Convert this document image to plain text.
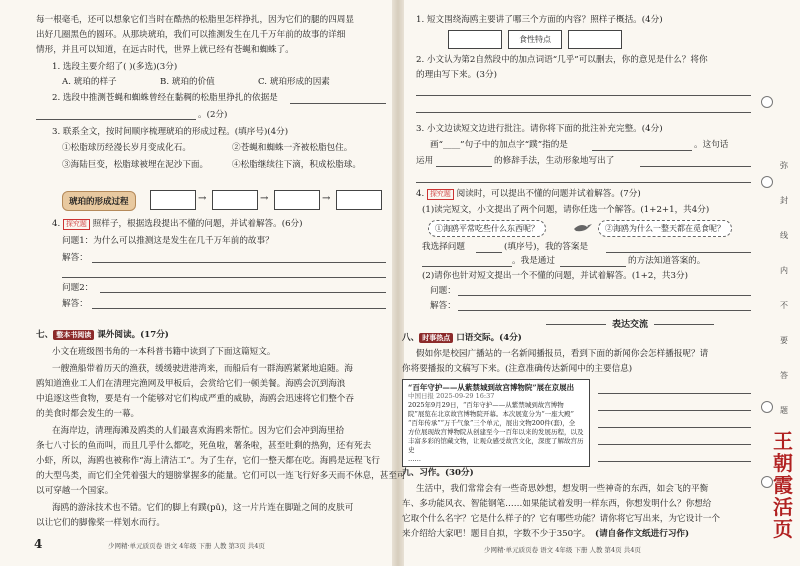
每一根毫毛，还可以想象它们当时在酷热的松脂里怎样挣扎，因为它们的腿的四周显
出好几圈黑色的圆环。从那块琥珀，我们可以推测发生在几千万年前的故事的详细
情形，并且可以知道，在远古时代，世界上就已经有苍蝇和蜘蛛了。
1. 选段主要介绍了( )(多选)(3分)
A. 琥珀的样子	B. 琥珀的价值	C. 琥珀形成的因素
2. 选段中推测苍蝇和蜘蛛曾经在黏稠的松脂里挣扎的依据是
。(2分)
3. 联系全文，按时间顺序梳理琥珀的形成过程。(填序号)(4分)
①松脂球历经漫长岁月变成化石。	②苍蝇和蜘蛛一齐被松脂包住。
③海陆巨变，松脂球被埋在泥沙下面。	④松脂继续往下滴，积成松脂球。
琥珀的形成过程	→	→	→
4. 探究题 照样子，根据选段提出不懂的问题，并试着解答。(6分)
问题1：为什么可以推测这是发生在几千万年前的故事？
解答：
问题2：
解答：
七、 整本书阅读 课外阅读。(17分)
小文在班级图书角的一本科普书籍中读到了下面这篇短文。
一艘渔船带着历天的渔获，缓缓驶进港湾来，而船后有一群海鸥紧紧地追随。海
鸥知道渔业工人们在清理完渔网及甲板后，会赏给它们一顿美餐。海鸥会沉到海浪
中追逐这些食物，要是有一个能够对它们构成严重的威胁，海鸥会迅速将它们整个吞
的美食时都会发生的一幕。
在海岸边，清理海滩及鸥类的人们最喜欢海鸥来帮忙。因为它们会冲到海里拾
条七八寸长的鱼而叫，而且几乎什么都吃，死鱼啦，薯条啦，甚至吐剩的热狗，还有死去
小虾，所以，海鸥也被称作“海上清洁工”。为了生存，它们一整天都在吃。海鸥是远程飞行
的大型鸟类，而它们全凭着强大的翅膀掌握多的能量。它们可以一连飞行好多天而不休息，甚至可
以可穿越一个国家。
海鸥的游泳技术也不错。它们的脚上有蹼(pǔ)，这一片片连在脚趾之间的皮肤可
以让它们的脚像桨一样划水而行。
4	少网精·单元质页卷 语文 4年级 下册 人教 第3页 共4页
1. 短文围绕海鸥主要讲了哪三个方面的内容？照样子概括。(4分)
食性特点
2. 小文认为第2自然段中的加点词语“几乎”可以删去，你的意见是什么？将你
的理由写下来。(3分)
3. 小文边读短文边进行批注。请你将下面的批注补充完整。(4分)
画“____”句子中的加点字“蹼”指的是	。这句话
运用	的修辞手法，生动形象地写出了
4. 探究题 阅读时，可以提出不懂的问题并试着解答。(7分)
(1)读完短文，小文提出了两个问题，请你任选一个解答。(1+2+1，共4分)
①海鸥平常吃些什么东西呢？	②海鸥为什么一整天都在觅食呢？
我选择问题	(填序号)，我的答案是
。我是通过	的方法知道答案的。
(2)请你也针对短文提出一个不懂的问题，并试着解答。(1+2，共3分)
问题：
解答：
表达交流
八、 时事热点 口语交际。(4分)
假如你是校园广播站的一名新闻播报员，看到下面的新闻你会怎样播报呢？请
你将要播报的文稿写下来。(注意准确传达新闻中的主要信息)
“百年守护——从紫禁城到故宫博物院”展在京展出
中国日报 2025-09-29 16:37
2025年9月29日，“百年守护——从紫禁城到故宫博物
院”展览在北京故宫博物院开幕。本次展览分为“一座大殿”
“百年传承”“万千气象”三个单元，展出文物200件(套)，全
方位展现故宫博物院从创建至今一百年以来的发展历程，以及
丰富多彩的馆藏文物，让观众感受故宫文化，深度了解故宫历史
……
九、习作。(30分)
生活中，我们常常会有一些奇思妙想，想发明一些神奇的东西，如会飞的平衡
车、多功能风衣、智能钢笔……如果能试着发明一样东西，你想发明什么？你想给
它取个什么名字？它是什么样子的？它有哪些功能？请你将它写出来，为它设计一个
来介绍给大家吧！题目自拟，字数不少于350字。 (请自备作文纸进行习作)
少网精·单元质页卷 语文 4年级 下册 人教 第4页 共4页
弥
封
线
内
不
要
答
题
王朝霞活页
